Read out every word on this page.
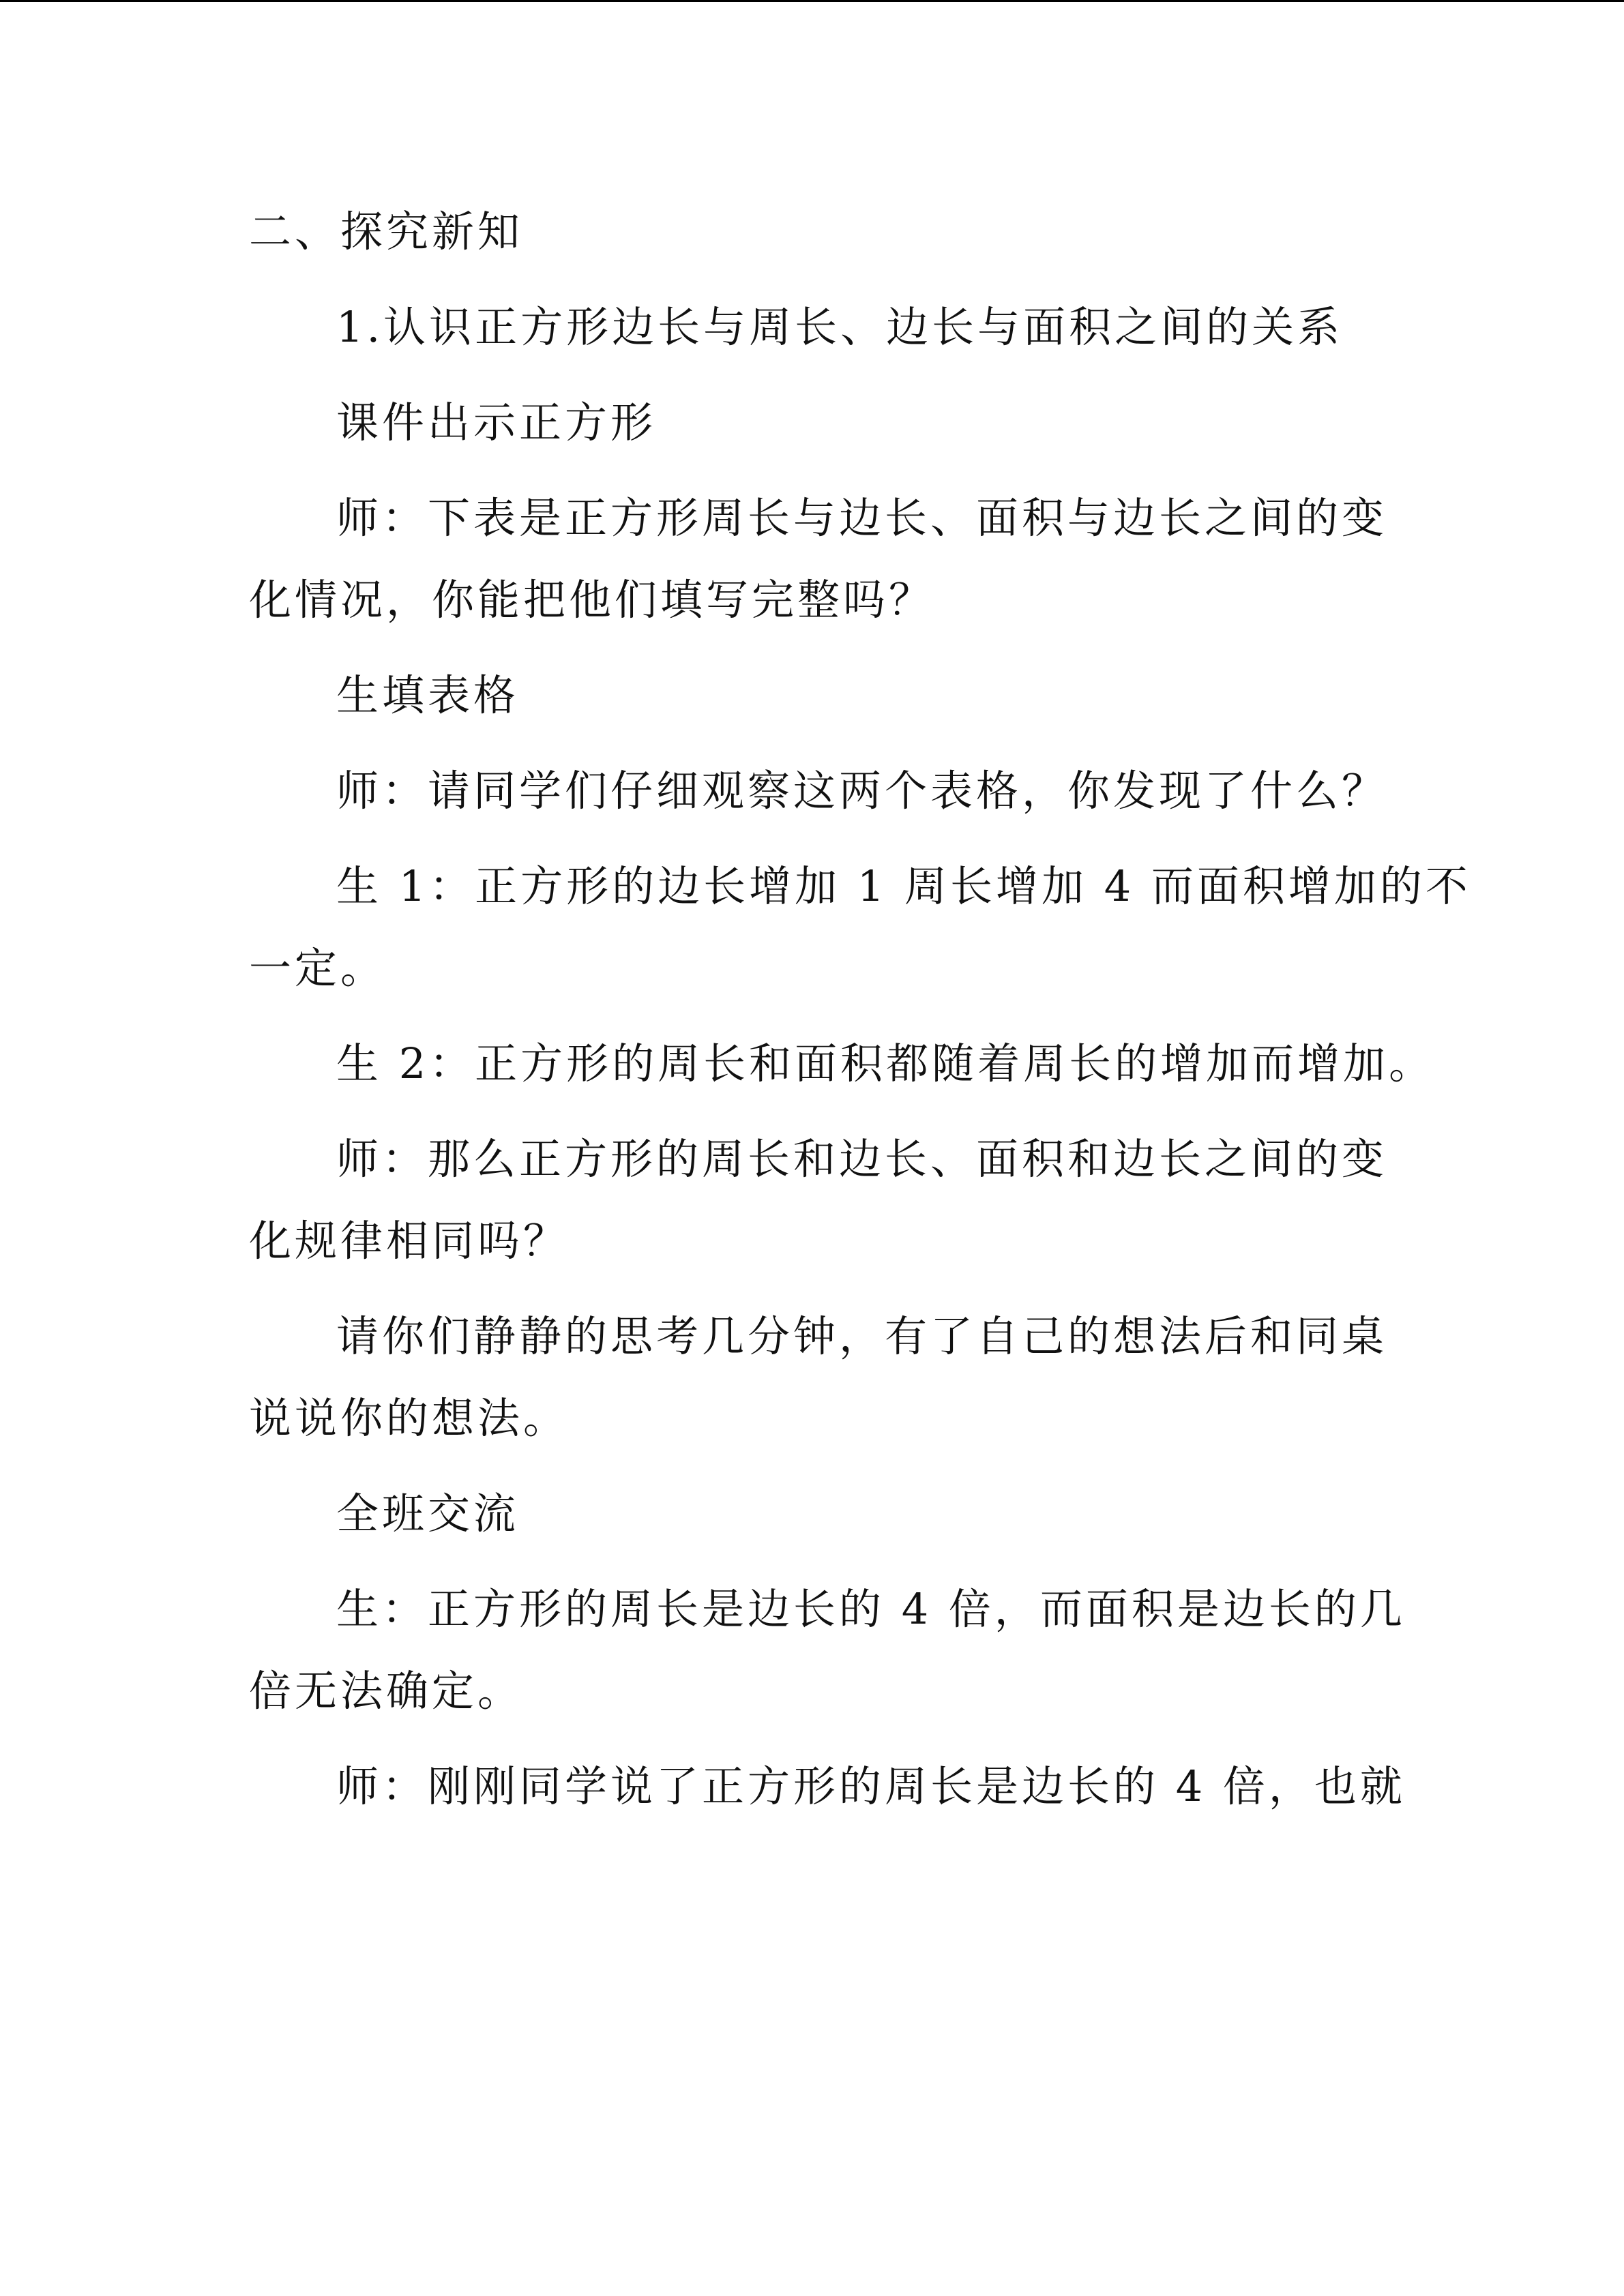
二、探究新知
1.认识正方形边长与周长、边长与面积之间的关系
课件出示正方形
师：下表是正方形周长与边长、面积与边长之间的变
化情况，你能把他们填写完整吗？
生填表格
师：请同学们仔细观察这两个表格，你发现了什么？
生 1：正方形的边长增加 1 周长增加 4 而面积增加的不
一定。
生 2：正方形的周长和面积都随着周长的增加而增加。
师：那么正方形的周长和边长、面积和边长之间的变
化规律相同吗？
请你们静静的思考几分钟，有了自己的想法后和同桌
说说你的想法。
全班交流
生：正方形的周长是边长的 4 倍，而面积是边长的几
倍无法确定。
师：刚刚同学说了正方形的周长是边长的 4 倍，也就
